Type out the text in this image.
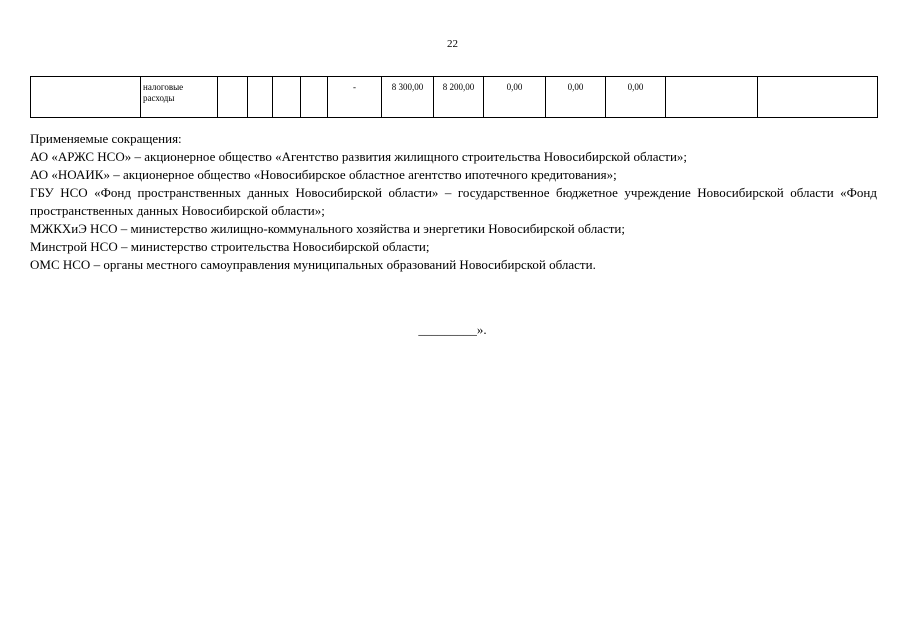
22
	налоговые расходы					-	8 300,00	8 200,00	0,00	0,00	0,00		

Применяемые сокращения:

АО «АРЖС НСО» – акционерное общество «Агентство развития жилищного строительства Новосибирской области»;

АО «НОАИК» – акционерное общество «Новосибирское областное агентство ипотечного кредитования»;

ГБУ НСО «Фонд пространственных данных Новосибирской области» – государственное бюджетное учреждение Новосибирской области «Фонд пространственных данных Новосибирской области»;

МЖКХиЭ НСО – министерство жилищно-коммунального хозяйства и энергетики Новосибирской области;

Минстрой НСО – министерство строительства Новосибирской области;

ОМС НСО – органы местного самоуправления муниципальных образований Новосибирской области.

_________».
